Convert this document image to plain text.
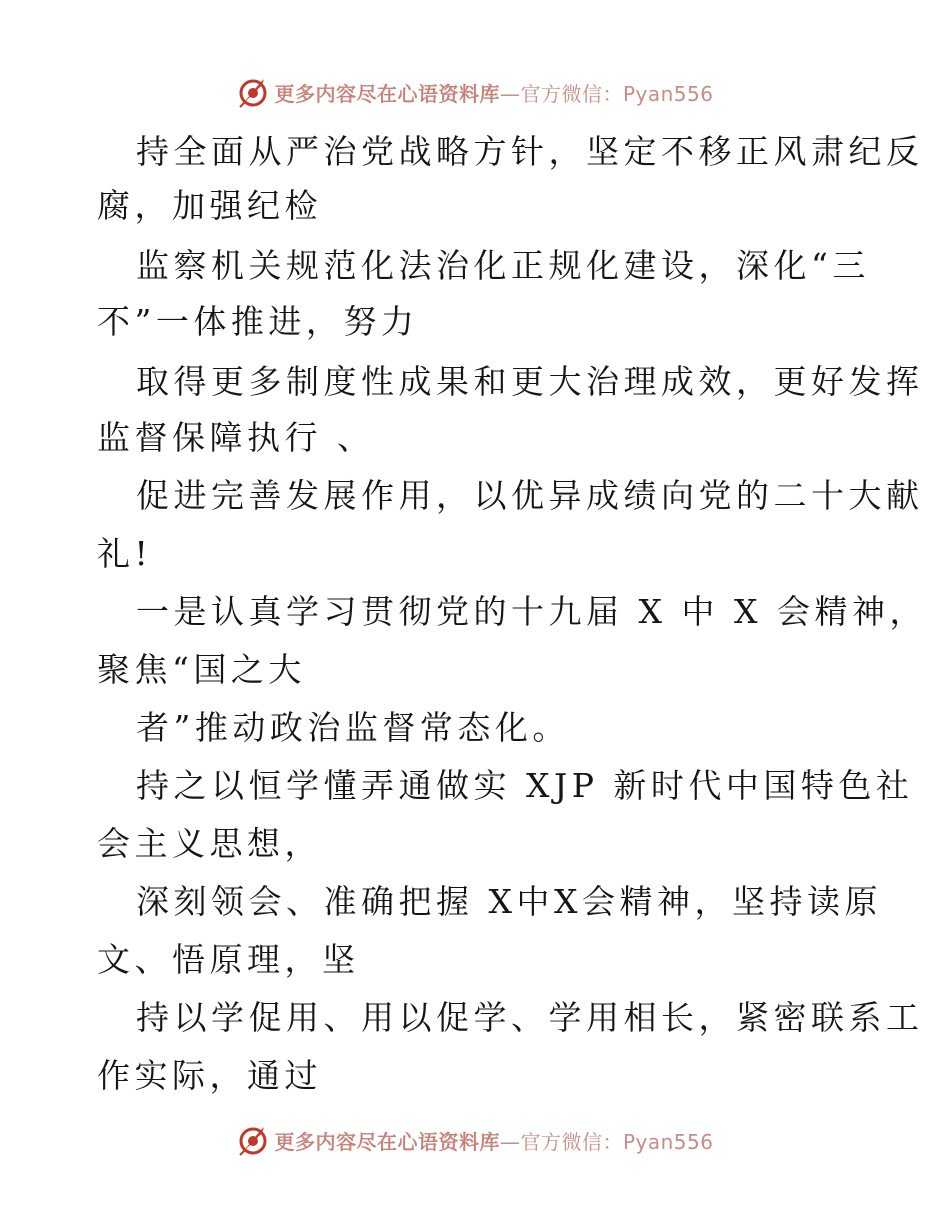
更多内容尽在心语资料库—官方微信：Pyan556
持全面从严治党战略方针，坚定不移正风肃纪反
腐，加强纪检
监察机关规范化法治化正规化建设，深化“三
不”一体推进，努力
取得更多制度性成果和更大治理成效，更好发挥
监督保障执行 、
促进完善发展作用，以优异成绩向党的二十大献
礼!
一是认真学习贯彻党的十九届 X 中 X 会精神，
聚焦“国之大
者”推动政治监督常态化。
持之以恒学懂弄通做实 XJP 新时代中国特色社
会主义思想，
深刻领会、准确把握 X中X会精神，坚持读原
文、悟原理，坚
持以学促用、用以促学、学用相长，紧密联系工
作实际，通过
更多内容尽在心语资料库—官方微信：Pyan556
